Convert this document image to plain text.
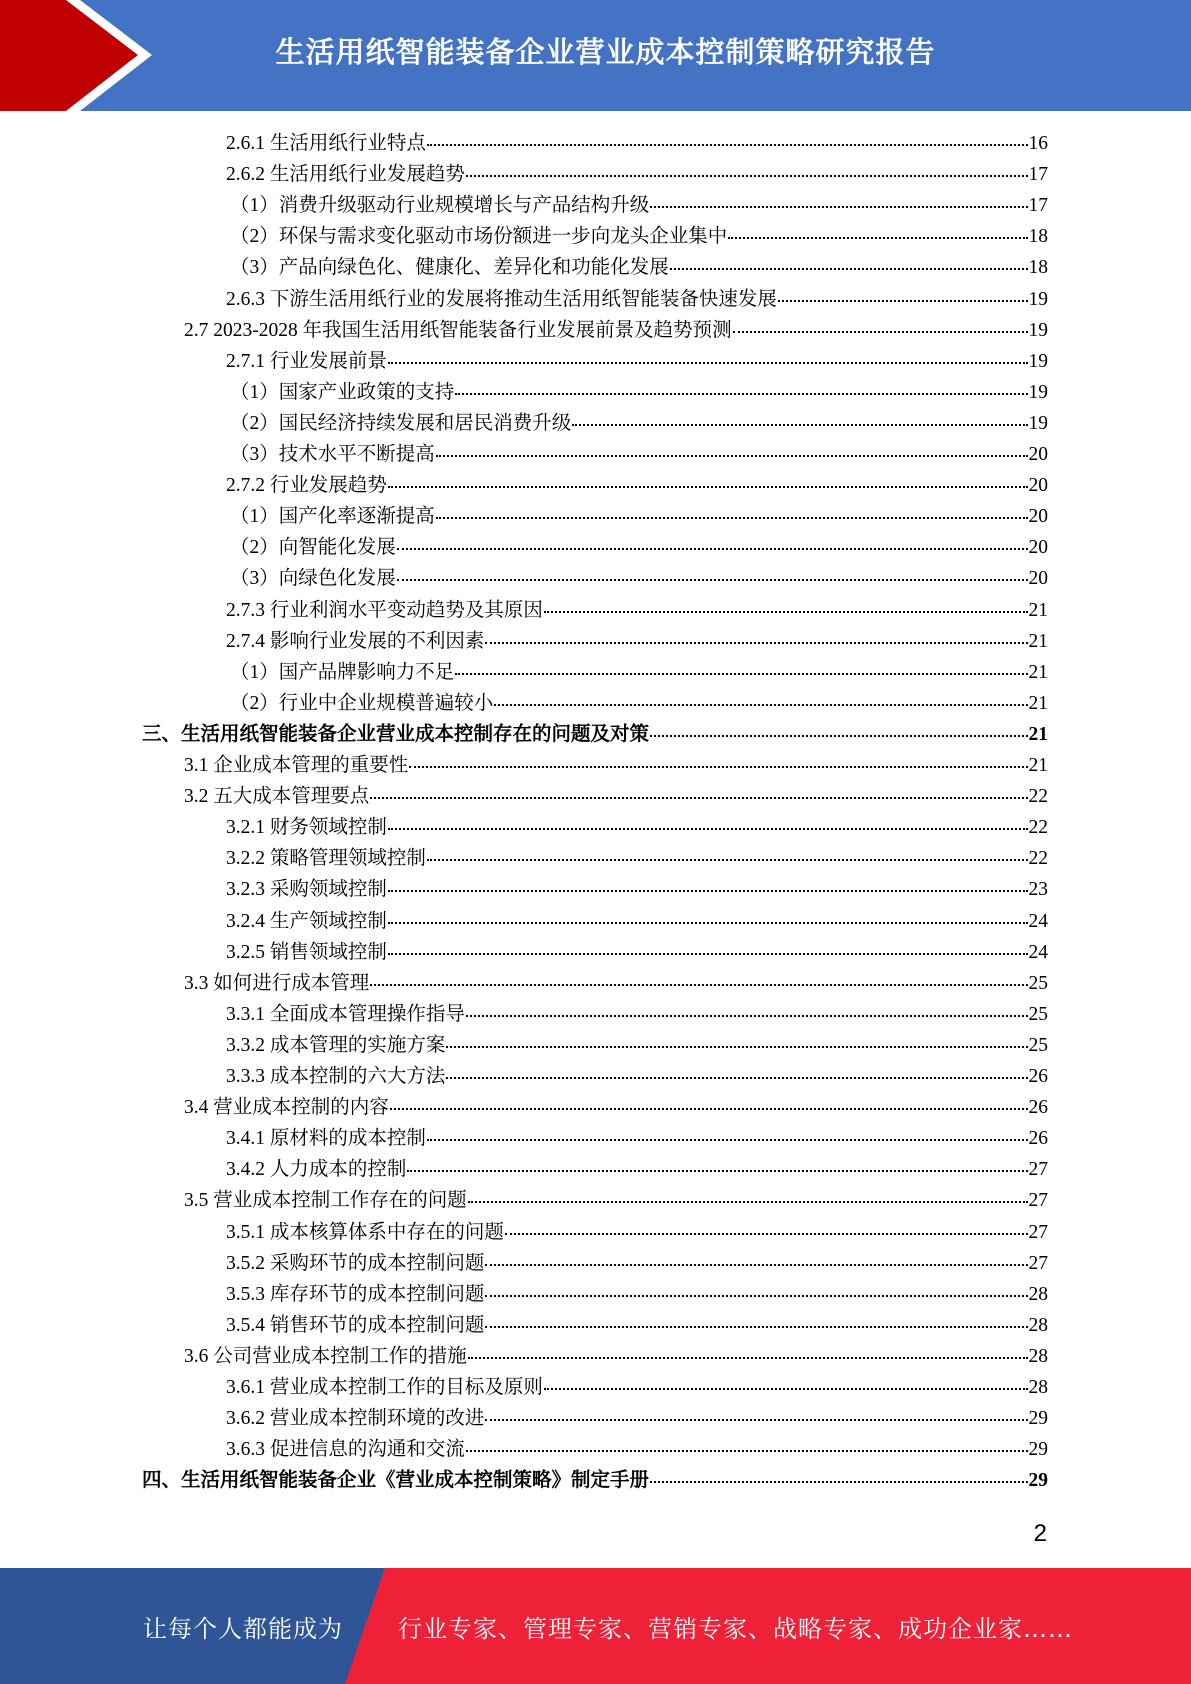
生活用纸智能装备企业营业成本控制策略研究报告
2.6.1 生活用纸行业特点	16
2.6.2 生活用纸行业发展趋势	17
（1）消费升级驱动行业规模增长与产品结构升级	17
（2）环保与需求变化驱动市场份额进一步向龙头企业集中	18
（3）产品向绿色化、健康化、差异化和功能化发展	18
2.6.3 下游生活用纸行业的发展将推动生活用纸智能装备快速发展	19
2.7 2023-2028 年我国生活用纸智能装备行业发展前景及趋势预测	19
2.7.1 行业发展前景	19
（1）国家产业政策的支持	19
（2）国民经济持续发展和居民消费升级	19
（3）技术水平不断提高	20
2.7.2 行业发展趋势	20
（1）国产化率逐渐提高	20
（2）向智能化发展	20
（3）向绿色化发展	20
2.7.3 行业利润水平变动趋势及其原因	21
2.7.4 影响行业发展的不利因素	21
（1）国产品牌影响力不足	21
（2）行业中企业规模普遍较小	21
三、生活用纸智能装备企业营业成本控制存在的问题及对策	21
3.1 企业成本管理的重要性	21
3.2 五大成本管理要点	22
3.2.1 财务领域控制	22
3.2.2 策略管理领域控制	22
3.2.3 采购领域控制	23
3.2.4 生产领域控制	24
3.2.5 销售领域控制	24
3.3 如何进行成本管理	25
3.3.1 全面成本管理操作指导	25
3.3.2 成本管理的实施方案	25
3.3.3 成本控制的六大方法	26
3.4 营业成本控制的内容	26
3.4.1 原材料的成本控制	26
3.4.2 人力成本的控制	27
3.5 营业成本控制工作存在的问题	27
3.5.1 成本核算体系中存在的问题	27
3.5.2 采购环节的成本控制问题	27
3.5.3 库存环节的成本控制问题	28
3.5.4 销售环节的成本控制问题	28
3.6 公司营业成本控制工作的措施	28
3.6.1 营业成本控制工作的目标及原则	28
3.6.2 营业成本控制环境的改进	29
3.6.3 促进信息的沟通和交流	29
四、生活用纸智能装备企业《营业成本控制策略》制定手册	29
2
让每个人都能成为 行业专家、管理专家、营销专家、战略专家、成功企业家……
